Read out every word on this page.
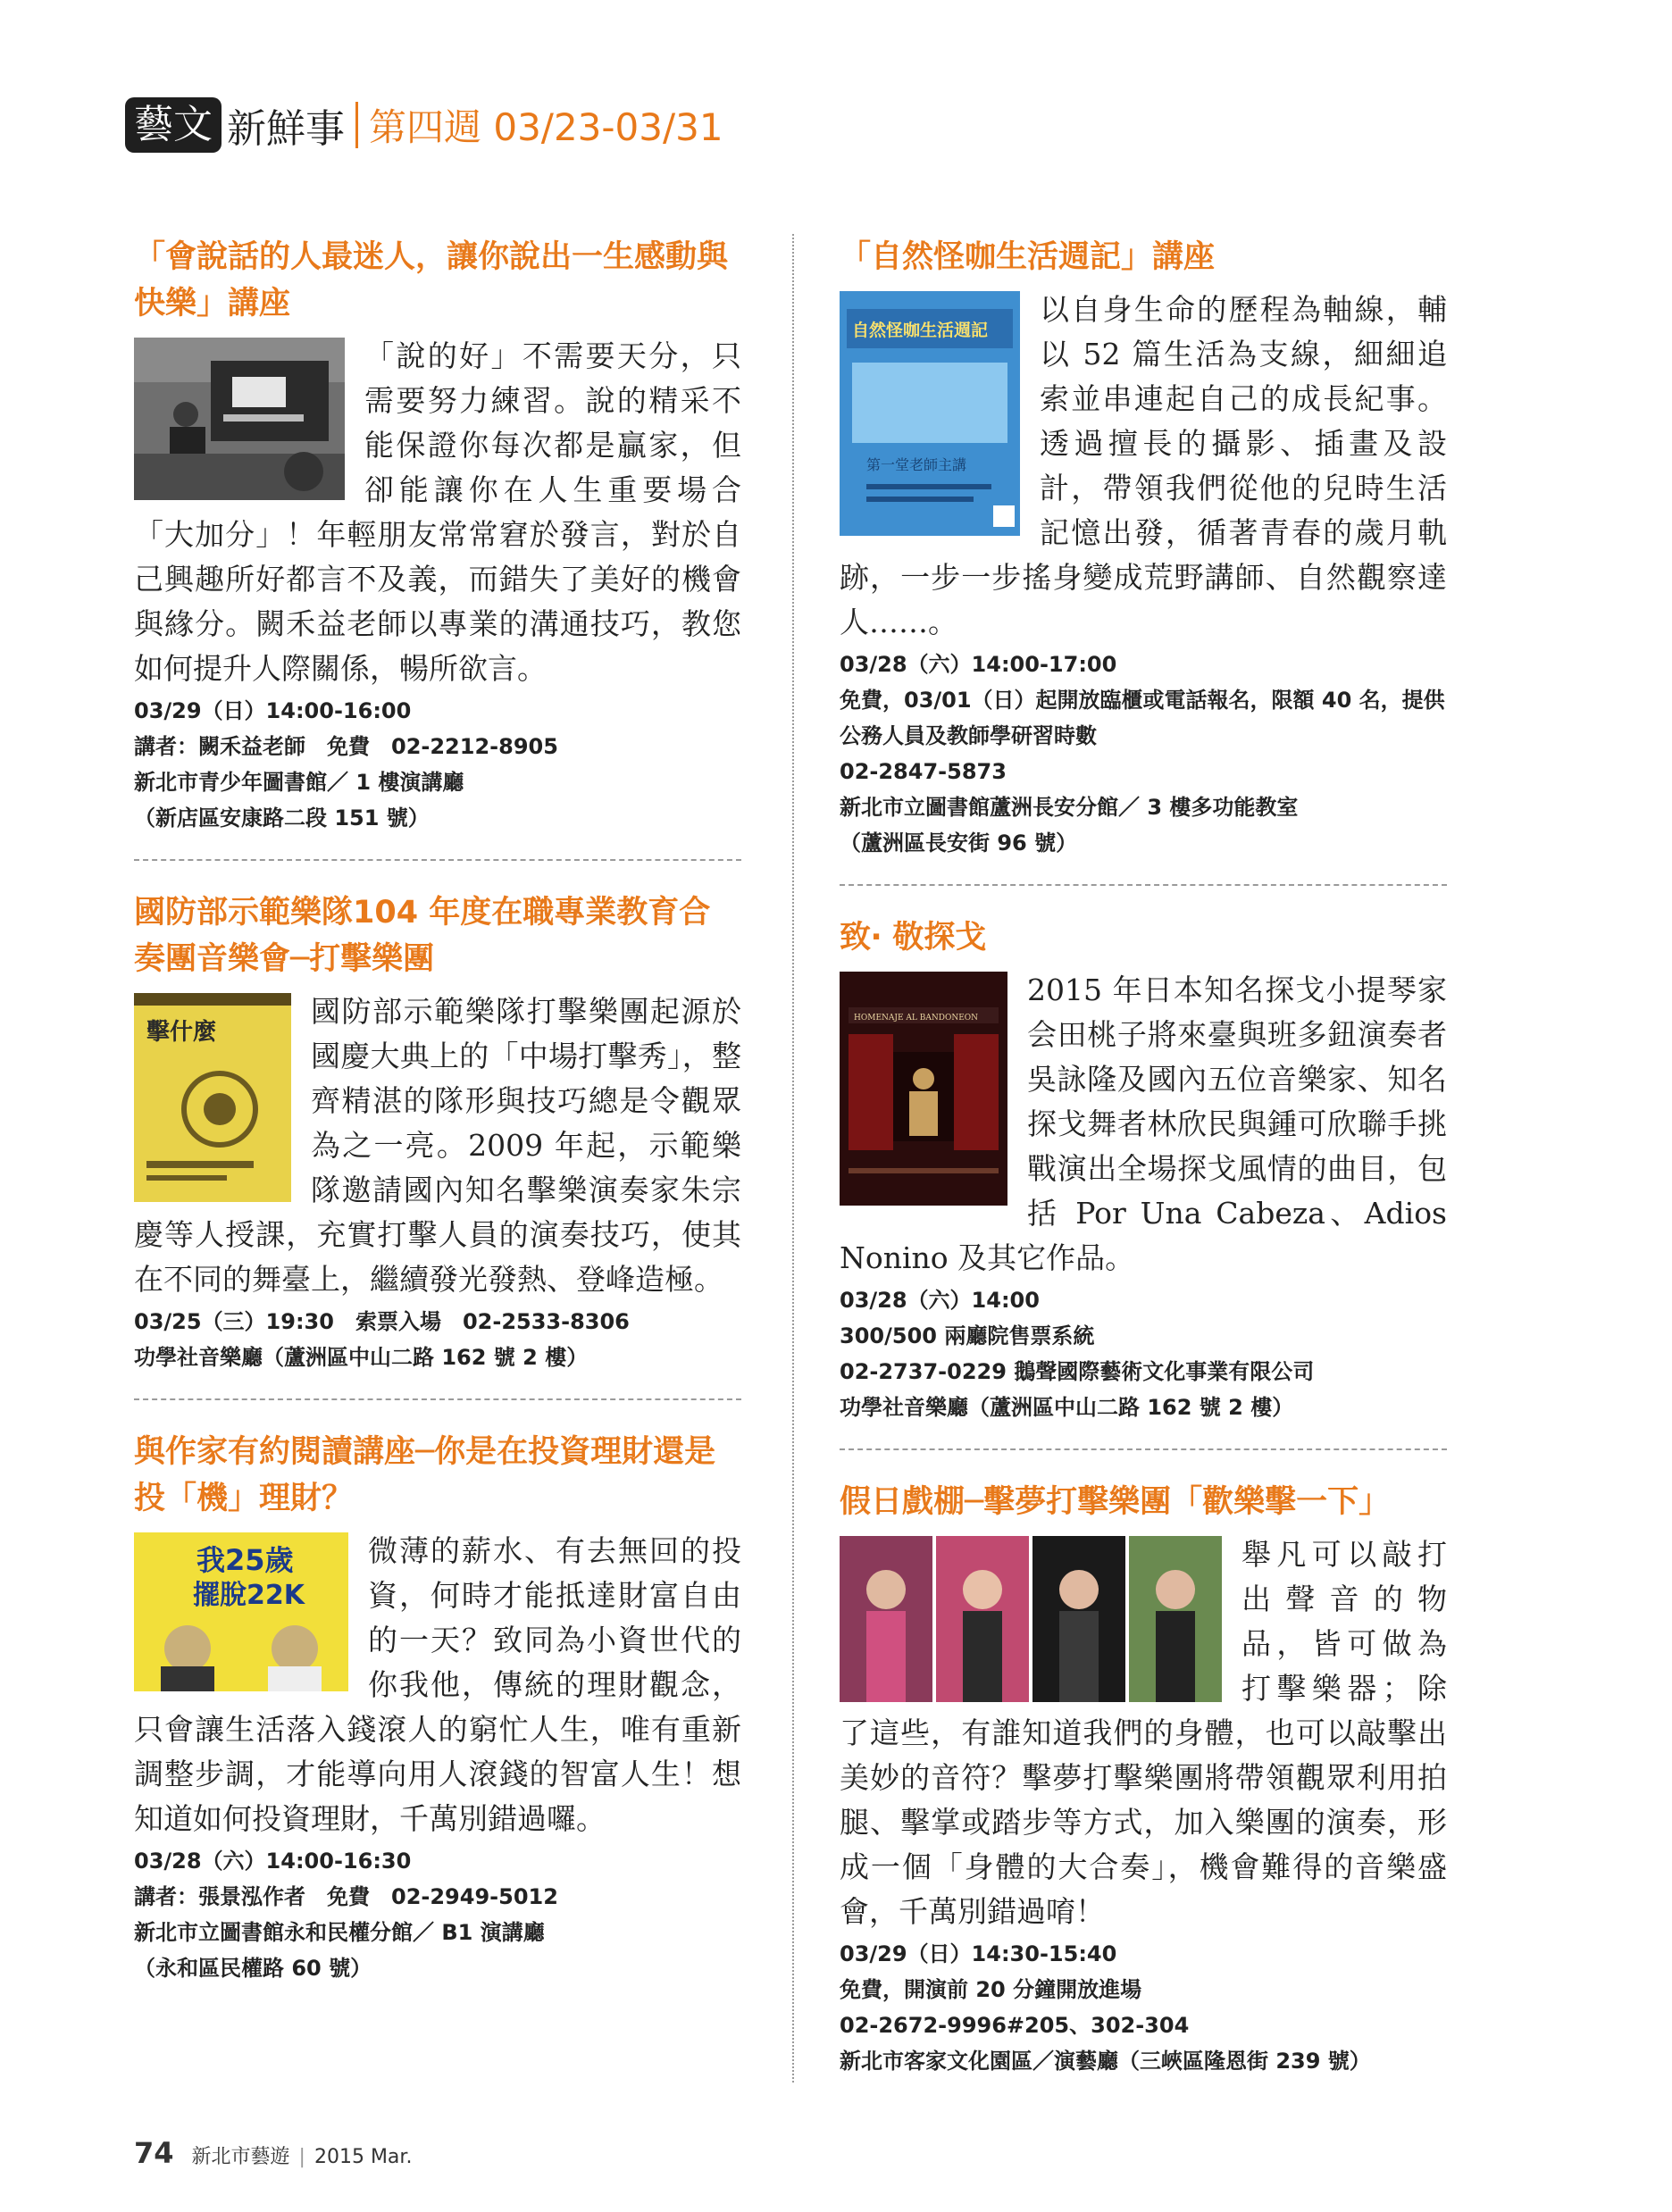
藝文 新鮮事 第四週 03/23-03/31
「會說話的人最迷人，讓你說出一生感動與快樂」講座
「說的好」不需要天分，只需要努力練習。說的精采不能保證你每次都是贏家，但卻能讓你在人生重要場合「大加分」！年輕朋友常常窘於發言，對於自己興趣所好都言不及義，而錯失了美好的機會與緣分。闕禾益老師以專業的溝通技巧，教您如何提升人際關係，暢所欲言。
03/29（日）14:00-16:00
講者：闕禾益老師　免費　02-2212-8905
新北市青少年圖書館／ 1 樓演講廳
（新店區安康路二段 151 號）
國防部示範樂隊104 年度在職專業教育合奏團音樂會─打擊樂團
擊什麼
國防部示範樂隊打擊樂團起源於國慶大典上的「中場打擊秀」，整齊精湛的隊形與技巧總是令觀眾為之一亮。2009 年起，示範樂隊邀請國內知名擊樂演奏家朱宗慶等人授課，充實打擊人員的演奏技巧，使其在不同的舞臺上，繼續發光發熱、登峰造極。
03/25（三）19:30　索票入場　02-2533-8306
功學社音樂廳（蘆洲區中山二路 162 號 2 樓）
與作家有約閱讀講座─你是在投資理財還是投「機」理財？
我25歲
擺脫22K
微薄的薪水、有去無回的投資，何時才能抵達財富自由的一天？致同為小資世代的你我他，傳統的理財觀念，只會讓生活落入錢滾人的窮忙人生，唯有重新調整步調，才能導向用人滾錢的智富人生！想知道如何投資理財，千萬別錯過囉。
03/28（六）14:00-16:30
講者：張景泓作者　免費　02-2949-5012
新北市立圖書館永和民權分館／ B1 演講廳
（永和區民權路 60 號）
「自然怪咖生活週記」講座
自然怪咖生活週記
第一堂老師主講
以自身生命的歷程為軸線，輔以 52 篇生活為支線，細細追索並串連起自己的成長紀事。透過擅長的攝影、插畫及設計，帶領我們從他的兒時生活記憶出發，循著青春的歲月軌跡，一步一步搖身變成荒野講師、自然觀察達人……。
03/28（六）14:00-17:00
免費，03/01（日）起開放臨櫃或電話報名，限額 40 名，提供公務人員及教師學研習時數
02-2847-5873
新北市立圖書館蘆洲長安分館／ 3 樓多功能教室
（蘆洲區長安街 96 號）
致‧ 敬探戈
HOMENAJE AL BANDONEON
2015 年日本知名探戈小提琴家会田桃子將來臺與班多鈕演奏者吳詠隆及國內五位音樂家、知名探戈舞者林欣民與鍾可欣聯手挑戰演出全場探戈風情的曲目，包括 Por Una Cabeza、Adios Nonino 及其它作品。
03/28（六）14:00
300/500 兩廳院售票系統
02-2737-0229 鵝聲國際藝術文化事業有限公司
功學社音樂廳（蘆洲區中山二路 162 號 2 樓）
假日戲棚─擊夢打擊樂團「歡樂擊一下」
舉凡可以敲打出聲音的物品，皆可做為打擊樂器；除了這些，有誰知道我們的身體，也可以敲擊出美妙的音符？擊夢打擊樂團將帶領觀眾利用拍腿、擊掌或踏步等方式，加入樂團的演奏，形成一個「身體的大合奏」，機會難得的音樂盛會，千萬別錯過唷！
03/29（日）14:30-15:40
免費，開演前 20 分鐘開放進場
02-2672-9996#205、302-304
新北市客家文化園區／演藝廳（三峽區隆恩街 239 號）
74 新北市藝遊 | 2015 Mar.
